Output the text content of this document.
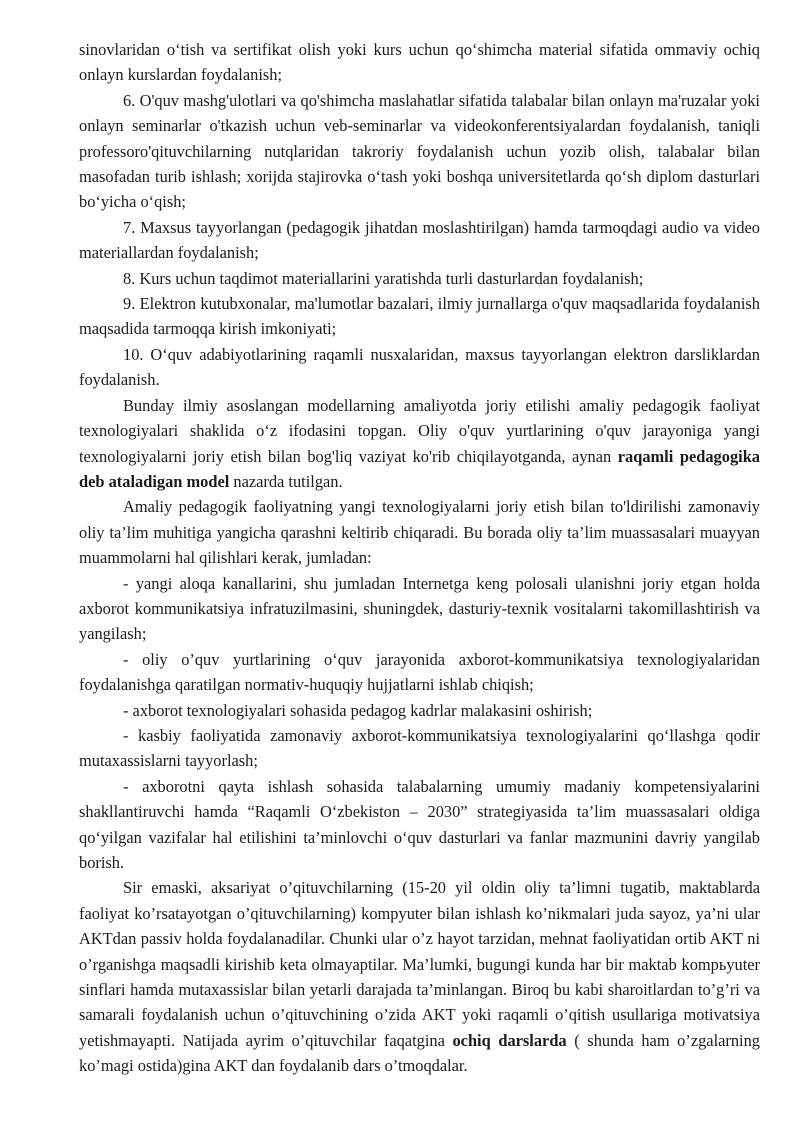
sinovlaridan o‘tish va sertifikat olish yoki kurs uchun qo‘shimcha material sifatida ommaviy ochiq onlayn kurslardan foydalanish;

6. O'quv mashg'ulotlari va qo'shimcha maslahatlar sifatida talabalar bilan onlayn ma'ruzalar yoki onlayn seminarlar o'tkazish uchun veb-seminarlar va videokonferentsiyalardan foydalanish, taniqli professoro'qituvchilarning nutqlaridan takroriy foydalanish uchun yozib olish, talabalar bilan masofadan turib ishlash; xorijda stajirovka o‘tash yoki boshqa universitetlarda qo‘sh diplom dasturlari bo‘yicha o‘qish;

7. Maxsus tayyorlangan (pedagogik jihatdan moslashtirilgan) hamda tarmoqdagi audio va video materiallardan foydalanish;

8. Kurs uchun taqdimot materiallarini yaratishda turli dasturlardan foydalanish;

9. Elektron kutubxonalar, ma'lumotlar bazalari, ilmiy jurnallarga o'quv maqsadlarida foydalanish maqsadida tarmoqqa kirish imkoniyati;

10. O‘quv adabiyotlarining raqamli nusxalaridan, maxsus tayyorlangan elektron darsliklardan foydalanish.

Bunday ilmiy asoslangan modellarning amaliyotda joriy etilishi amaliy pedagogik faoliyat texnologiyalari shaklida o‘z ifodasini topgan. Oliy o'quv yurtlarining o'quv jarayoniga yangi texnologiyalarni joriy etish bilan bog'liq vaziyat ko'rib chiqilayotganda, aynan raqamli pedagogika deb ataladigan model nazarda tutilgan.

Amaliy pedagogik faoliyatning yangi texnologiyalarni joriy etish bilan to'ldirilishi zamonaviy oliy ta’lim muhitiga yangicha qarashni keltirib chiqaradi. Bu borada oliy ta’lim muassasalari muayyan muammolarni hal qilishlari kerak, jumladan:

- yangi aloqa kanallarini, shu jumladan Internetga keng polosali ulanishni joriy etgan holda axborot kommunikatsiya infratuzilmasini, shuningdek, dasturiy-texnik vositalarni takomillashtirish va yangilash;

- oliy o’quv yurtlarining o‘quv jarayonida axborot-kommunikatsiya texnologiyalaridan foydalanishga qaratilgan normativ-huquqiy hujjatlarni ishlab chiqish;

- axborot texnologiyalari sohasida pedagog kadrlar malakasini oshirish;

- kasbiy faoliyatida zamonaviy axborot-kommunikatsiya texnologiyalarini qo‘llashga qodir mutaxassislarni tayyorlash;

- axborotni qayta ishlash sohasida talabalarning umumiy madaniy kompetensiyalarini shakllantiruvchi hamda “Raqamli O‘zbekiston – 2030” strategiyasida ta’lim muassasalari oldiga qo‘yilgan vazifalar hal etilishini ta’minlovchi o‘quv dasturlari va fanlar mazmunini davriy yangilab borish.

Sir emaski, aksariyat o’qituvchilarning (15-20 yil oldin oliy ta’limni tugatib, maktablarda faoliyat ko’rsatayotgan o’qituvchilarning) kompyuter bilan ishlash ko’nikmalari juda sayoz, ya’ni ular AKTdan passiv holda foydalanadilar. Chunki ular o’z hayot tarzidan, mehnat faoliyatidan ortib AKT ni o’rganishga maqsadli kirishib keta olmayaptilar. Ma’lumki, bugungi kunda har bir maktab kompьyuter sinflari hamda mutaxassislar bilan yetarli darajada ta’minlangan. Biroq bu kabi sharoitlardan to’g’ri va samarali foydalanish uchun o’qituvchining o’zida AKT yoki raqamli o’qitish usullariga motivatsiya yetishmayapti. Natijada ayrim o’qituvchilar faqatgina ochiq darslarda ( shunda ham o’zgalarning ko’magi ostida)gina AKT dan foydalanib dars o’tmoqdalar.
